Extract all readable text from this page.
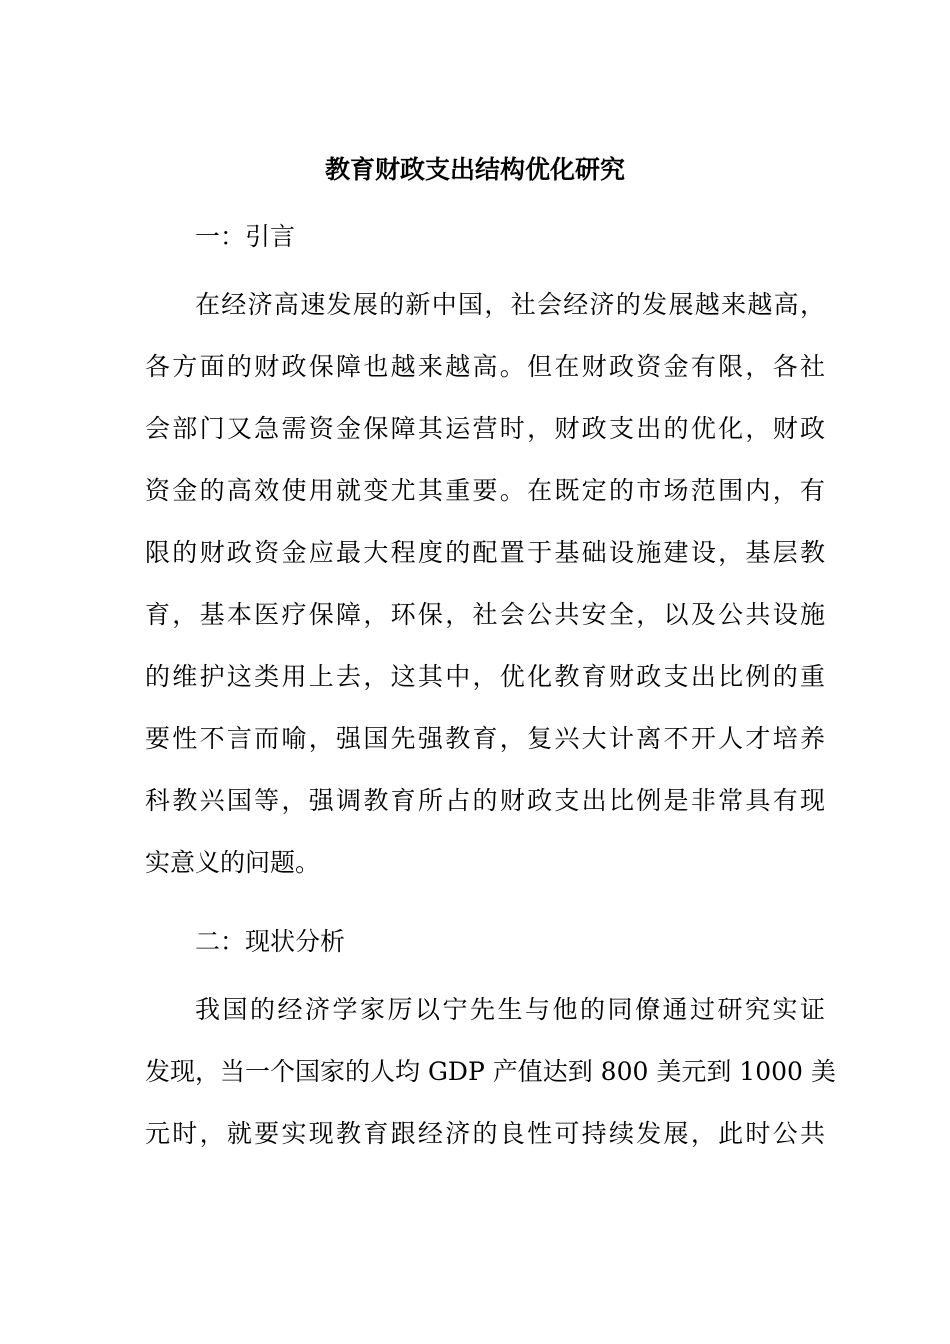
教育财政支出结构优化研究

一：引言

在经济高速发展的新中国，社会经济的发展越来越高，
各方面的财政保障也越来越高。但在财政资金有限，各社
会部门又急需资金保障其运营时，财政支出的优化，财政
资金的高效使用就变尤其重要。在既定的市场范围内，有
限的财政资金应最大程度的配置于基础设施建设，基层教
育，基本医疗保障，环保，社会公共安全，以及公共设施
的维护这类用上去，这其中，优化教育财政支出比例的重
要性不言而喻，强国先强教育，复兴大计离不开人才培养
科教兴国等，强调教育所占的财政支出比例是非常具有现
实意义的问题。

二：现状分析

我国的经济学家厉以宁先生与他的同僚通过研究实证
发现，当一个国家的人均 GDP 产值达到 800 美元到 1000 美
元时，就要实现教育跟经济的良性可持续发展，此时公共
